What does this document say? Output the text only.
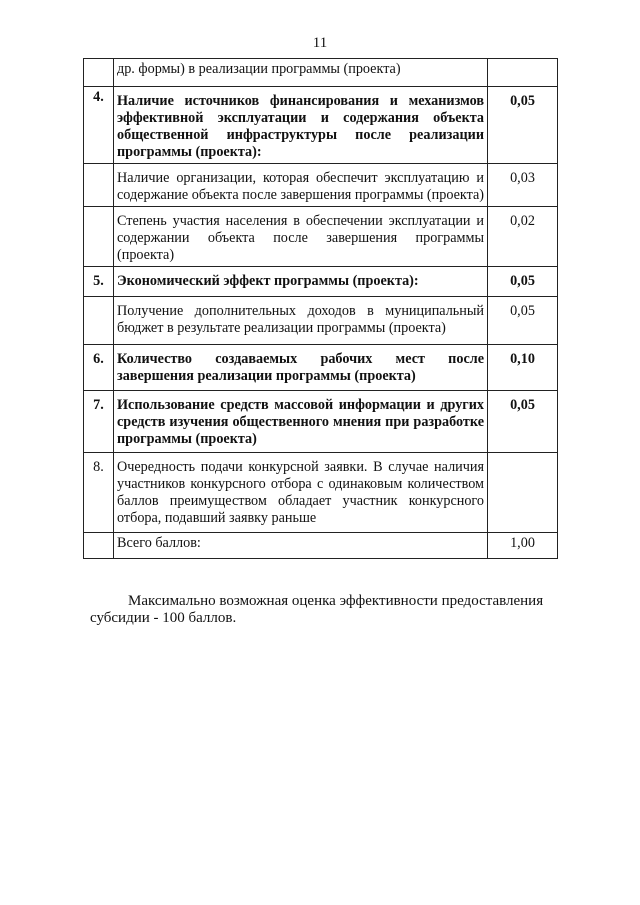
11
	др. формы) в реализации программы (проекта)	
4.	Наличие источников финансирования и механизмов эффективной эксплуатации и содержания объекта общественной инфраструктуры после реализации программы (проекта):	0,05
	Наличие организации, которая обеспечит эксплуатацию и содержание объекта после завершения программы (проекта)	0,03
	Степень участия населения в обеспечении эксплуатации и содержании объекта после завершения программы (проекта)	0,02
5.	Экономический эффект программы (проекта):	0,05
	Получение дополнительных доходов в муниципальный бюджет в результате реализации программы (проекта)	0,05
6.	Количество создаваемых рабочих мест после завершения реализации программы (проекта)	0,10
7.	Использование средств массовой информации и других средств изучения общественного мнения при разработке программы (проекта)	0,05
8.	Очередность подачи конкурсной заявки. В случае наличия участников конкурсного отбора с одинаковым количеством баллов преимуществом обладает участник конкурсного отбора, подавший заявку раньше	
	Всего баллов:	1,00
Максимально возможная оценка эффективности предоставления
субсидии - 100 баллов.
